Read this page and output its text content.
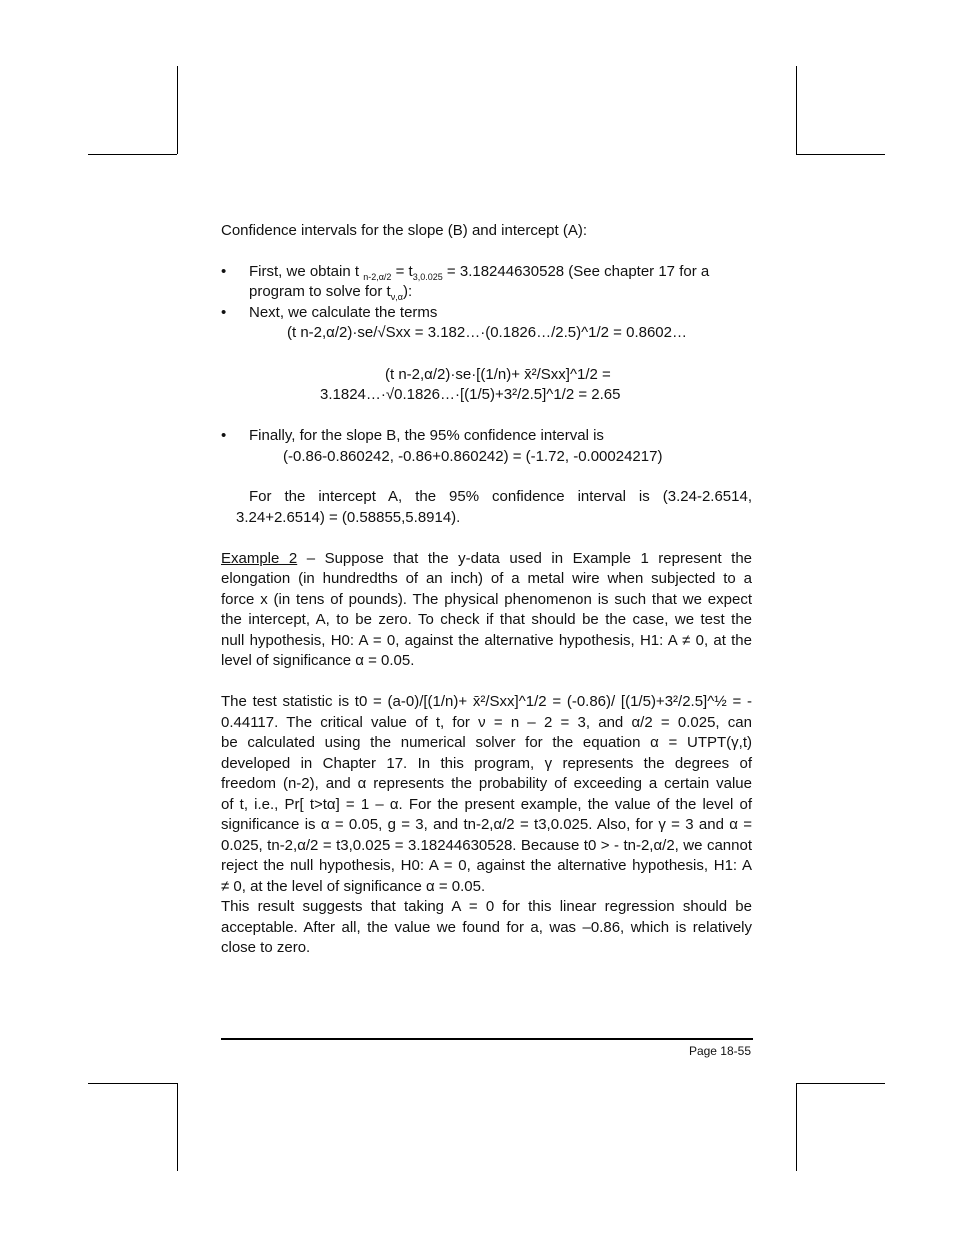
Confidence intervals for the slope (B) and intercept (A):
• First, we obtain t $_{n-2,\alpha/2} = t_{3,0.025} = 3.18244630528$ (See chapter 17 for a
program to solve for $t_{\nu,\alpha}$):
• Next, we calculate the terms
(t n-2,α/2)·se/√Sxx = 3.182…·(0.1826…/2.5)^1/2 = 0.8602…
(t n-2,α/2)·se·[(1/n)+ x̄²/Sxx]^1/2 =
3.1824…·√0.1826…·[(1/5)+3²/2.5]^1/2 = 2.65
• Finally, for the slope B, the 95% confidence interval is
(-0.86-0.860242, -0.86+0.860242) = (-1.72, -0.00024217)
For the intercept A, the 95% confidence interval is (3.24-2.6514,
3.24+2.6514) = (0.58855,5.8914).
Example 2 – Suppose that the y-data used in Example 1 represent the
elongation (in hundredths of an inch) of a metal wire when subjected to a
force x (in tens of pounds). The physical phenomenon is such that we expect
the intercept, A, to be zero. To check if that should be the case, we test the
null hypothesis, H0: A = 0, against the alternative hypothesis, H1: A ≠ 0, at the
level of significance α = 0.05.
The test statistic is t0 = (a-0)/[(1/n)+ x̄²/Sxx]^1/2 = (-0.86)/ [(1/5)+3²/2.5]^½ = -
0.44117. The critical value of t, for ν = n – 2 = 3, and α/2 = 0.025, can
be calculated using the numerical solver for the equation α = UTPT(γ,t)
developed in Chapter 17. In this program, γ represents the degrees of
freedom (n-2), and α represents the probability of exceeding a certain value
of t, i.e., Pr[ t>tα] = 1 – α. For the present example, the value of the level of
significance is α = 0.05, g = 3, and tn-2,α/2 = t3,0.025. Also, for γ = 3 and α =
0.025, tn-2,α/2 = t3,0.025 = 3.18244630528. Because t0 > - tn-2,α/2, we cannot
reject the null hypothesis, H0: A = 0, against the alternative hypothesis, H1: A
≠ 0, at the level of significance α = 0.05.
This result suggests that taking A = 0 for this linear regression should be
acceptable. After all, the value we found for a, was –0.86, which is relatively
close to zero.
Page 18-55
